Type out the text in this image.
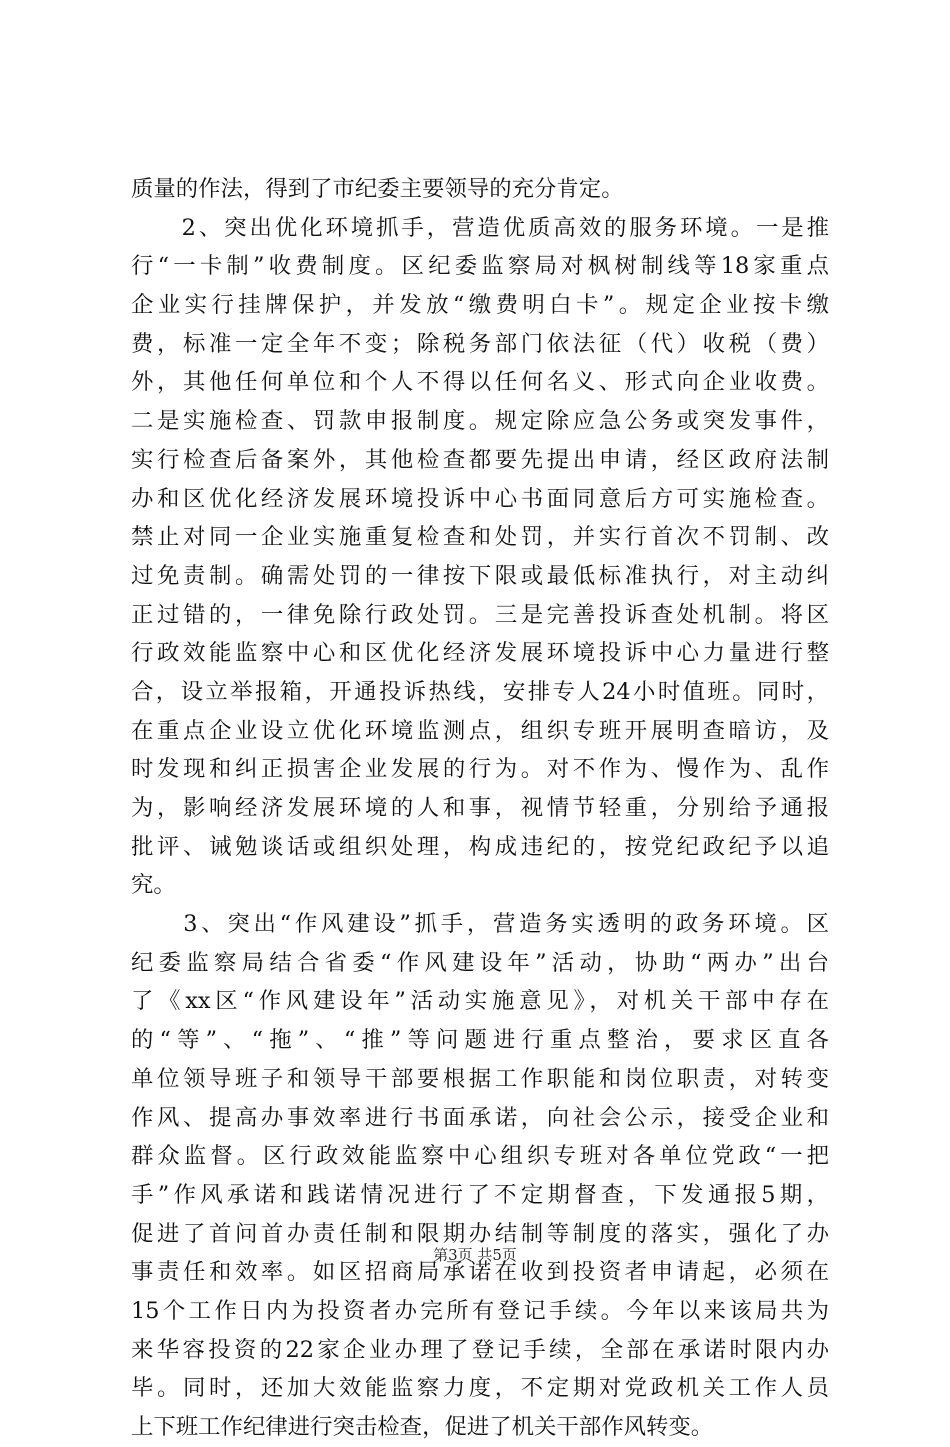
质量的作法，得到了市纪委主要领导的充分肯定。
　　2、突出优化环境抓手，营造优质高效的服务环境。一是推
行“一卡制”收费制度。区纪委监察局对枫树制线等18家重点
企业实行挂牌保护，并发放“缴费明白卡”。规定企业按卡缴
费，标准一定全年不变；除税务部门依法征（代）收税（费）
外，其他任何单位和个人不得以任何名义、形式向企业收费。
二是实施检查、罚款申报制度。规定除应急公务或突发事件，
实行检查后备案外，其他检查都要先提出申请，经区政府法制
办和区优化经济发展环境投诉中心书面同意后方可实施检查。
禁止对同一企业实施重复检查和处罚，并实行首次不罚制、改
过免责制。确需处罚的一律按下限或最低标准执行，对主动纠
正过错的，一律免除行政处罚。三是完善投诉查处机制。将区
行政效能监察中心和区优化经济发展环境投诉中心力量进行整
合，设立举报箱，开通投诉热线，安排专人24小时值班。同时，
在重点企业设立优化环境监测点，组织专班开展明查暗访，及
时发现和纠正损害企业发展的行为。对不作为、慢作为、乱作
为，影响经济发展环境的人和事，视情节轻重，分别给予通报
批评、诫勉谈话或组织处理，构成违纪的，按党纪政纪予以追
究。
　　3、突出“作风建设”抓手，营造务实透明的政务环境。区
纪委监察局结合省委“作风建设年”活动，协助“两办”出台
了《xx区“作风建设年”活动实施意见》，对机关干部中存在
的“等”、“拖”、“推”等问题进行重点整治，要求区直各
单位领导班子和领导干部要根据工作职能和岗位职责，对转变
作风、提高办事效率进行书面承诺，向社会公示，接受企业和
群众监督。区行政效能监察中心组织专班对各单位党政“一把
手”作风承诺和践诺情况进行了不定期督查，下发通报5期，
促进了首问首办责任制和限期办结制等制度的落实，强化了办
事责任和效率。如区招商局承诺在收到投资者申请起，必须在
15个工作日内为投资者办完所有登记手续。今年以来该局共为
来华容投资的22家企业办理了登记手续，全部在承诺时限内办
毕。同时，还加大效能监察力度，不定期对党政机关工作人员
上下班工作纪律进行突击检查，促进了机关干部作风转变。
第3页 共5页
